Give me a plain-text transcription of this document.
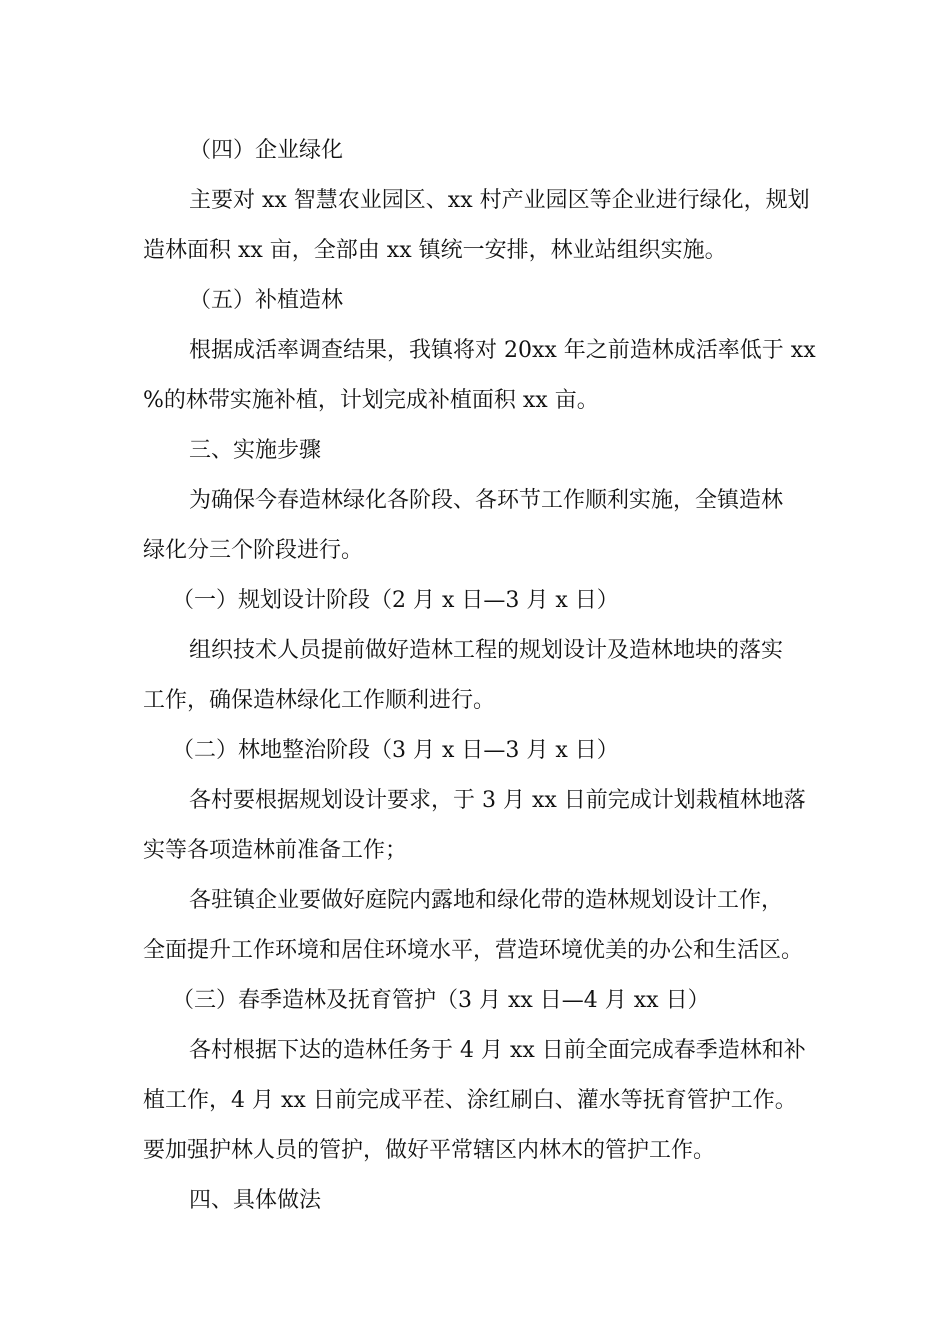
（四）企业绿化
主要对 xx 智慧农业园区、xx 村产业园区等企业进行绿化，规划
造林面积 xx 亩，全部由 xx 镇统一安排，林业站组织实施。
（五）补植造林
根据成活率调查结果，我镇将对 20xx 年之前造林成活率低于 xx
%的林带实施补植，计划完成补植面积 xx 亩。
三、实施步骤
为确保今春造林绿化各阶段、各环节工作顺利实施，全镇造林
绿化分三个阶段进行。
（一）规划设计阶段（2 月 x 日—3 月 x 日）
组织技术人员提前做好造林工程的规划设计及造林地块的落实
工作，确保造林绿化工作顺利进行。
（二）林地整治阶段（3 月 x 日—3 月 x 日）
各村要根据规划设计要求，于 3 月 xx 日前完成计划栽植林地落
实等各项造林前准备工作；
各驻镇企业要做好庭院内露地和绿化带的造林规划设计工作，
全面提升工作环境和居住环境水平，营造环境优美的办公和生活区。
（三）春季造林及抚育管护（3 月 xx 日—4 月 xx 日）
各村根据下达的造林任务于 4 月 xx 日前全面完成春季造林和补
植工作，4 月 xx 日前完成平茬、涂红刷白、灌水等抚育管护工作。
要加强护林人员的管护，做好平常辖区内林木的管护工作。
四、具体做法
